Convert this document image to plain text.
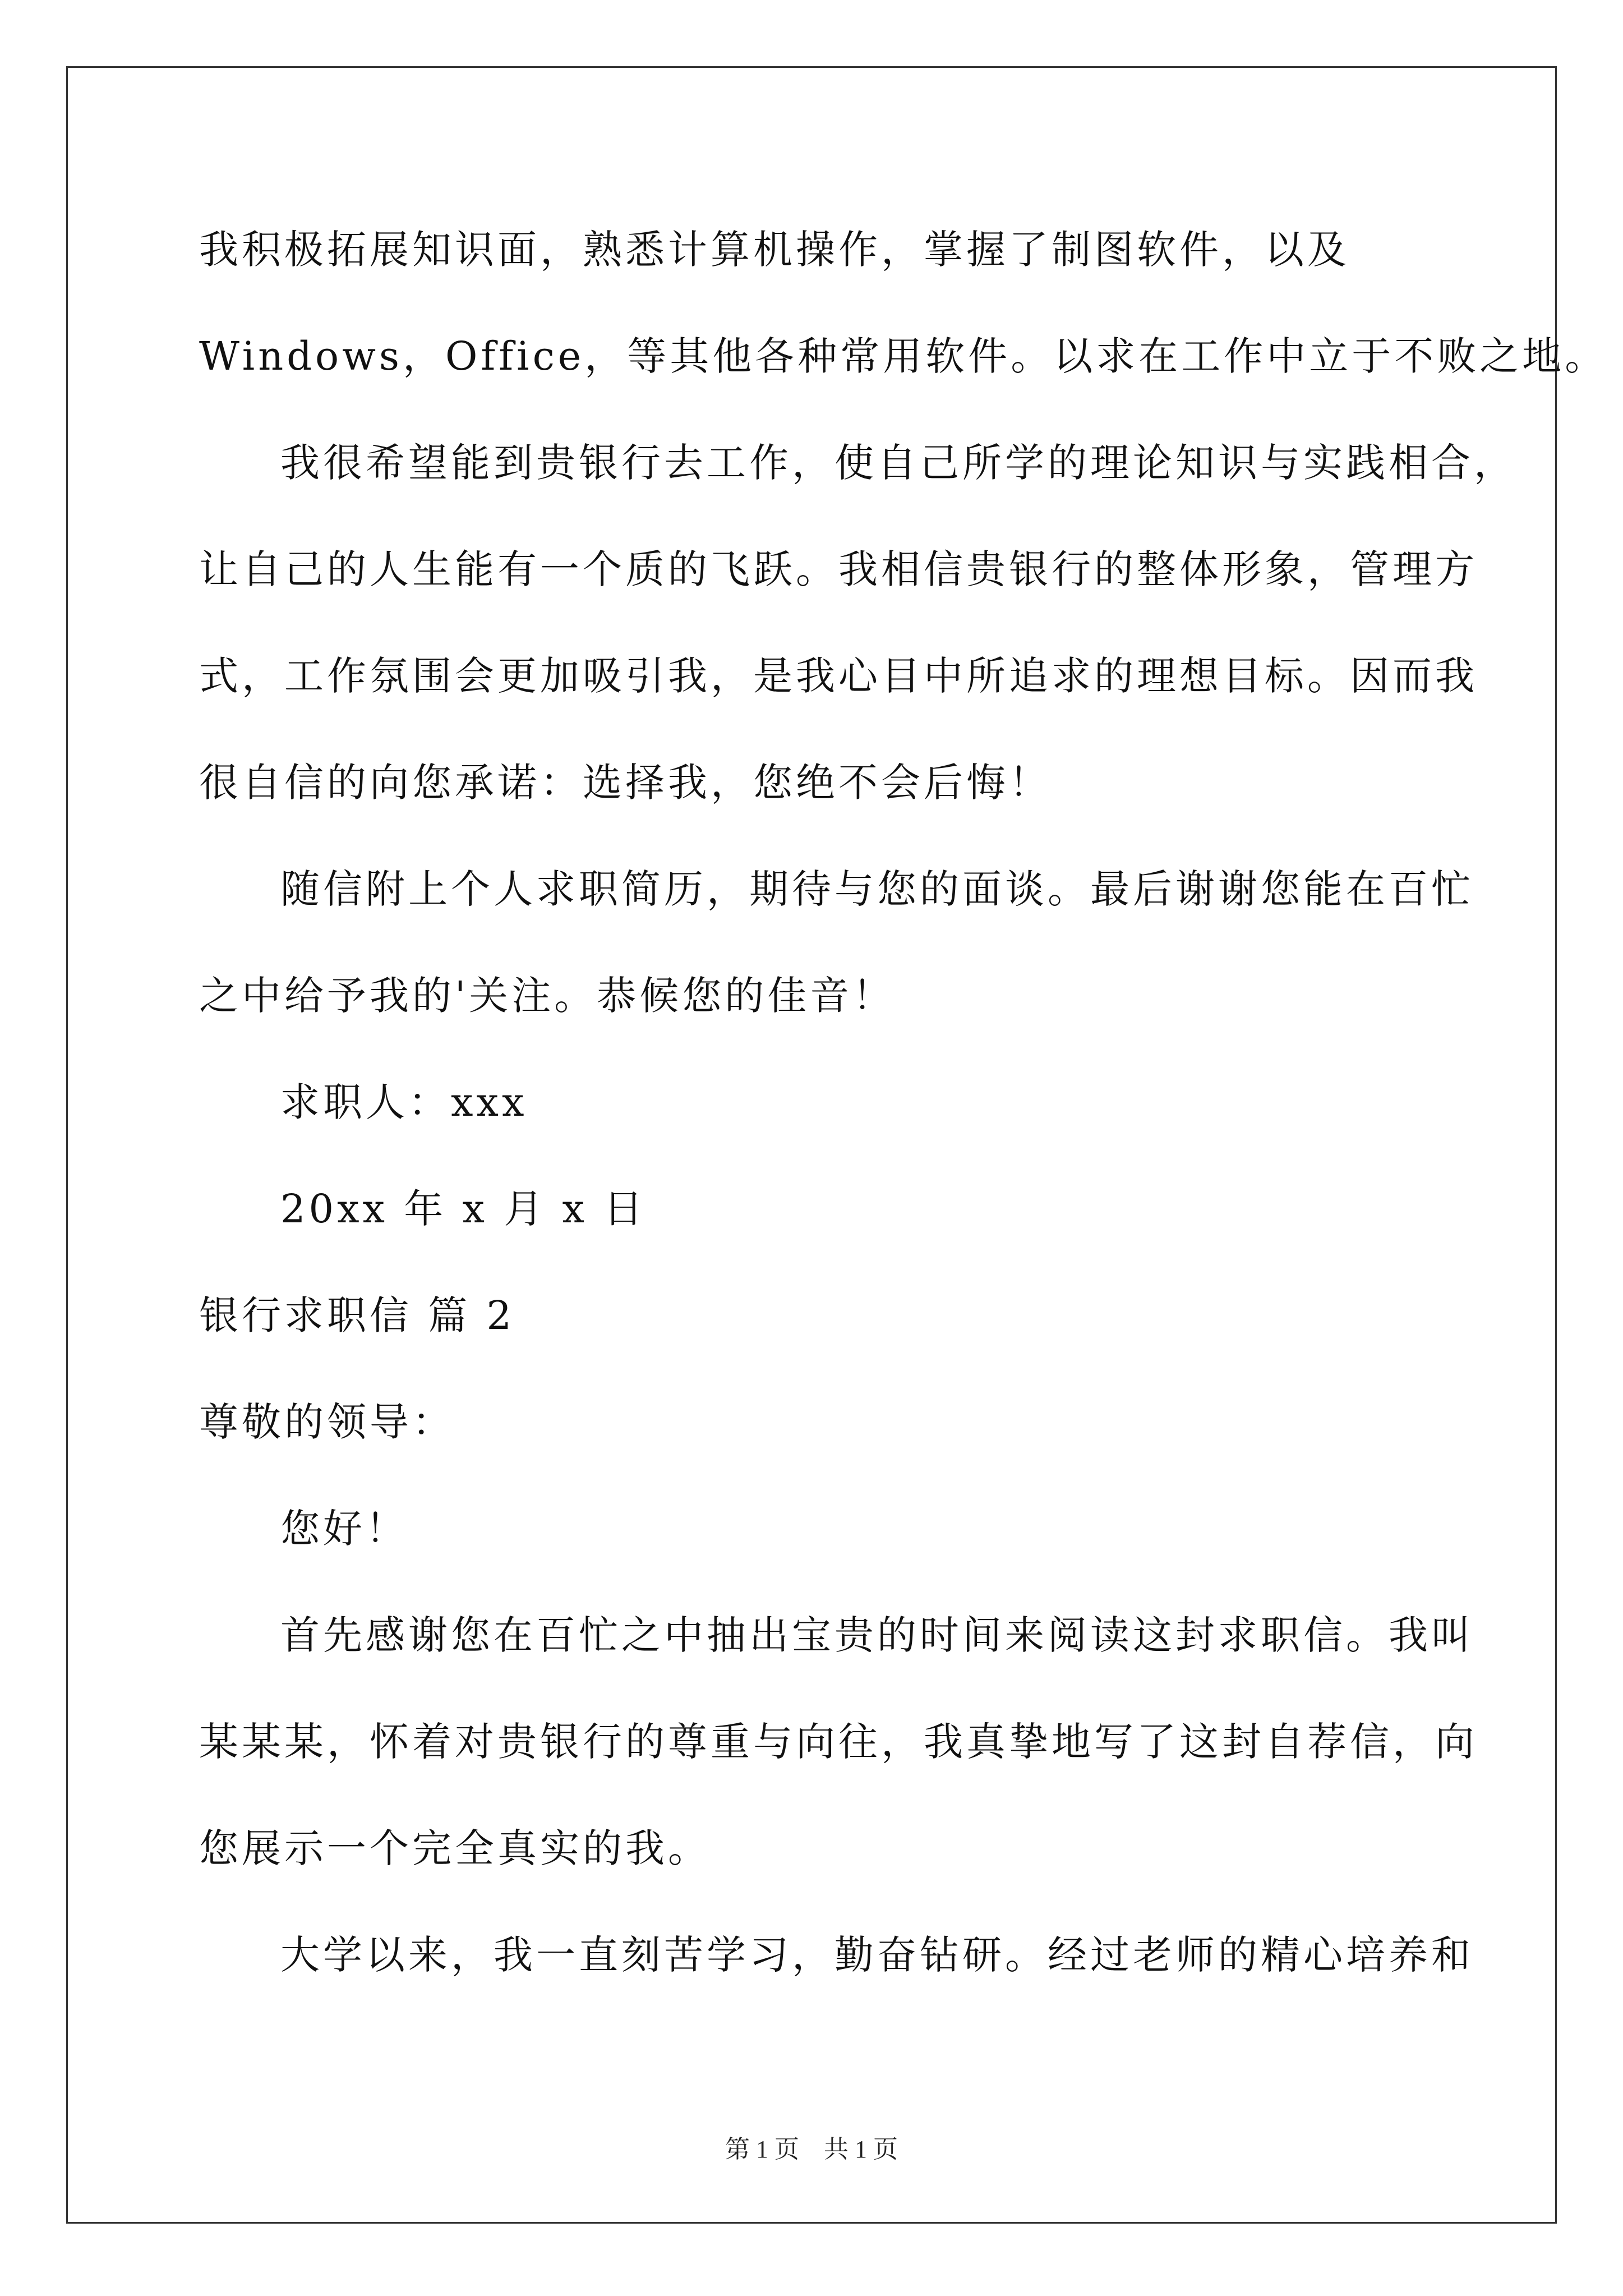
我积极拓展知识面，熟悉计算机操作，掌握了制图软件，以及
Windows，Office，等其他各种常用软件。以求在工作中立于不败之地。
我很希望能到贵银行去工作，使自己所学的理论知识与实践相合，
让自己的人生能有一个质的飞跃。我相信贵银行的整体形象，管理方
式，工作氛围会更加吸引我，是我心目中所追求的理想目标。因而我
很自信的向您承诺：选择我，您绝不会后悔！
随信附上个人求职简历，期待与您的面谈。最后谢谢您能在百忙
之中给予我的'关注。恭候您的佳音！
求职人：xxx
20xx 年 x 月 x 日
银行求职信 篇 2
尊敬的领导：
您好！
首先感谢您在百忙之中抽出宝贵的时间来阅读这封求职信。我叫
某某某，怀着对贵银行的尊重与向往，我真挚地写了这封自荐信，向
您展示一个完全真实的我。
大学以来，我一直刻苦学习，勤奋钻研。经过老师的精心培养和
第 1 页　共 1 页
